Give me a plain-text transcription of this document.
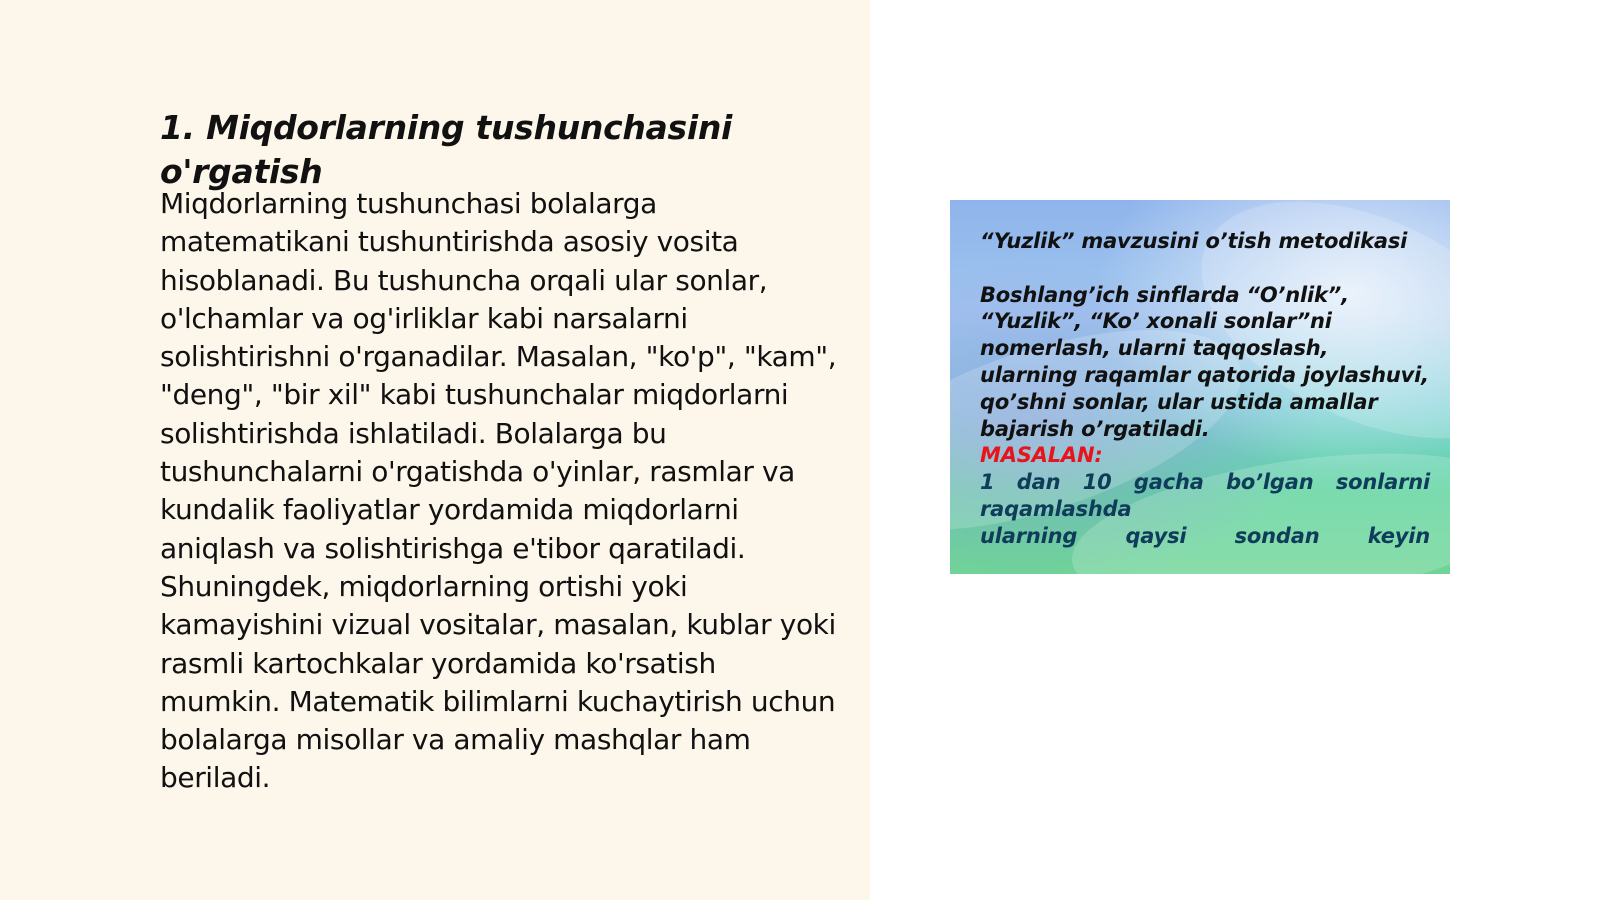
1. Miqdorlarning tushunchasini o'rgatish

Miqdorlarning tushunchasi bolalarga matematikani tushuntirishda asosiy vosita hisoblanadi. Bu tushuncha orqali ular sonlar, o'lchamlar va og'irliklar kabi narsalarni solishtirishni o'rganadilar. Masalan, "ko'p", "kam", "deng", "bir xil" kabi tushunchalar miqdorlarni solishtirishda ishlatiladi. Bolalarga bu tushunchalarni o'rgatishda o'yinlar, rasmlar va kundalik faoliyatlar yordamida miqdorlarni aniqlash va solishtirishga e'tibor qaratiladi. Shuningdek, miqdorlarning ortishi yoki kamayishini vizual vositalar, masalan, kublar yoki rasmli kartochkalar yordamida ko'rsatish mumkin. Matematik bilimlarni kuchaytirish uchun bolalarga misollar va amaliy mashqlar ham beriladi.

“Yuzlik” mavzusini o’tish metodikasi

Boshlang’ich sinflarda “O’nlik”, “Yuzlik”, “Ko’ xonali sonlar”ni nomerlash, ularni taqqoslash, ularning raqamlar qatorida joylashuvi, qo’shni sonlar, ular ustida amallar bajarish o’rgatiladi.

MASALAN:

1 dan 10 gacha bo’lgan sonlarni

raqamlashda

ularning qaysi sondan keyin
